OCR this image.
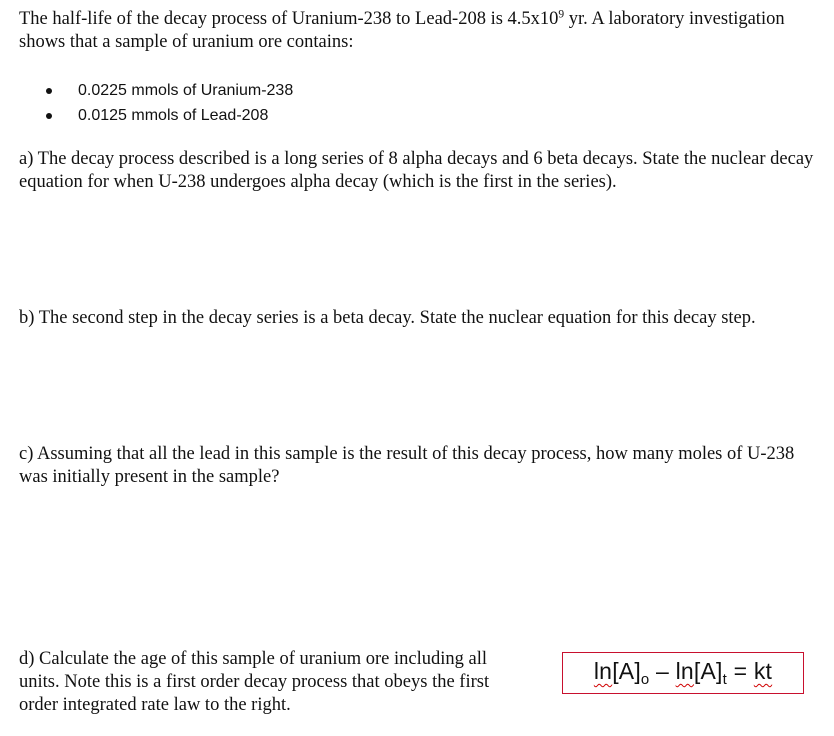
The half-life of the decay process of Uranium-238 to Lead-208 is $4.5x10^9$ yr. A laboratory investigation shows that a sample of uranium ore contains:
0.0225 mmols of Uranium-238
0.0125 mmols of Lead-208
a) The decay process described is a long series of 8 alpha decays and 6 beta decays. State the nuclear decay equation for when U-238 undergoes alpha decay (which is the first in the series).
b) The second step in the decay series is a beta decay. State the nuclear equation for this decay step.
c) Assuming that all the lead in this sample is the result of this decay process, how many moles of U-238 was initially present in the sample?
d) Calculate the age of this sample of uranium ore including all units. Note this is a first order decay process that obeys the first order integrated rate law to the right.
$\ln[A]_o - \ln[A]_t$ = kt
